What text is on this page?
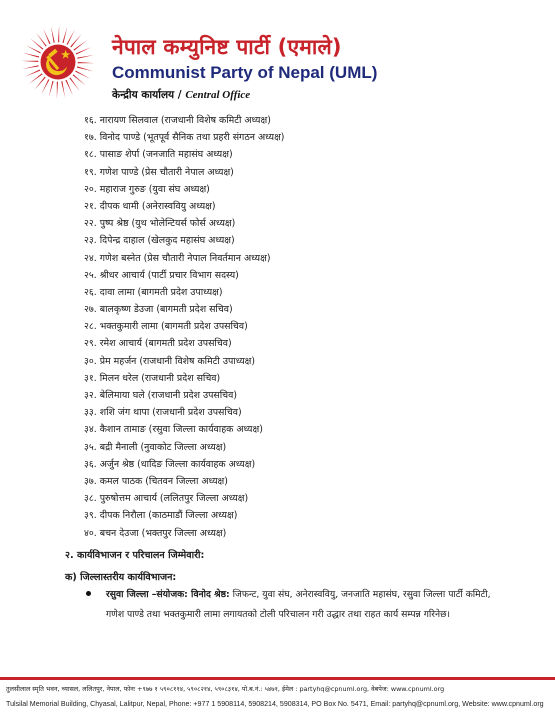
नेपाल कम्युनिष्ट पार्टी (एमाले)
Communist Party of Nepal (UML)
केन्द्रीय कार्यालय / Central Office
१६. नारायण सिलवाल (राजधानी विशेष कमिटी अध्यक्ष)
१७. विनोद पाण्डे (भूतपूर्व सैनिक तथा प्रहरी संगठन अध्यक्ष)
१८. पासाङ शेर्पा (जनजाति महासंघ अध्यक्ष)
१९. गणेश पाण्डे (प्रेस चौतारी नेपाल अध्यक्ष)
२०. महाराज गुरुङ (युवा संघ अध्यक्ष)
२१. दीपक धामी (अनेरास्ववियु अध्यक्ष)
२२. पुष्प श्रेष्ठ (युथ भोलेन्टियर्स फोर्स अध्यक्ष)
२३. दिपेन्द्र दाहाल (खेलकुद महासंघ अध्यक्ष)
२४. गणेश बस्नेत (प्रेस चौतारी नेपाल निवर्तमान अध्यक्ष)
२५. श्रीधर आचार्य (पार्टी प्रचार विभाग सदस्य)
२६. दावा लामा (बागमती प्रदेश उपाध्यक्ष)
२७. बालकृष्ण डेउजा (बागमती प्रदेश सचिव)
२८. भक्तकुमारी लामा (बागमती प्रदेश उपसचिव)
२९. रमेश आचार्य (बागमती प्रदेश उपसचिव)
३०. प्रेम महर्जन (राजधानी विशेष कमिटी उपाध्यक्ष)
३१. मिलन धरेल (राजधानी प्रदेश सचिव)
३२. बेलिमाया घले (राजधानी प्रदेश उपसचिव)
३३. शशि जंग थापा (राजधानी प्रदेश उपसचिव)
३४. कैशान तामाङ (रसुवा जिल्ला कार्यवाहक अध्यक्ष)
३५. बद्री मैनाली (नुवाकोट जिल्ला अध्यक्ष)
३६. अर्जुन श्रेष्ठ (धादिङ जिल्ला कार्यवाहक अध्यक्ष)
३७. कमल पाठक (चितवन जिल्ला अध्यक्ष)
३८. पुरुषोत्तम आचार्य (ललितपुर जिल्ला अध्यक्ष)
३९. दीपक निरौला (काठमाडौं जिल्ला अध्यक्ष)
४०. बचन देउजा (भक्तपुर जिल्ला अध्यक्ष)
२. कार्यविभाजन र परिचालन जिम्मेवारी:
क) जिल्लास्तरीय कार्यविभाजन:
रसुवा जिल्ला –संयोजक: विनोद श्रेष्ठ: जिफन्ट, युवा संघ, अनेरास्ववियु, जनजाति महासंघ, रसुवा जिल्ला पार्टी कमिटी, गणेश पाण्डे तथा भक्तकुमारी लामा लगायतको टोली परिचालन गरी उद्धार तथा राहत कार्य सम्पन्न गरिनेछ।
तुलसीलाल स्मृति भवन, च्यासल, ललितपुर, नेपाल, फोनः +९७७ १ ५९०८११४, ५९०८२१४, ५९०८३१४, पो.ब.नं.: ५४७१, ईमेल : partyhq@cpnuml.org, वेबपेज: www.cpnuml.org
Tulsilal Memorial Building, Chyasal, Lalitpur, Nepal, Phone: +977 1 5908114, 5908214, 5908314, PO Box No. 5471, Email: partyhq@cpnuml.org, Website: www.cpnuml.org
